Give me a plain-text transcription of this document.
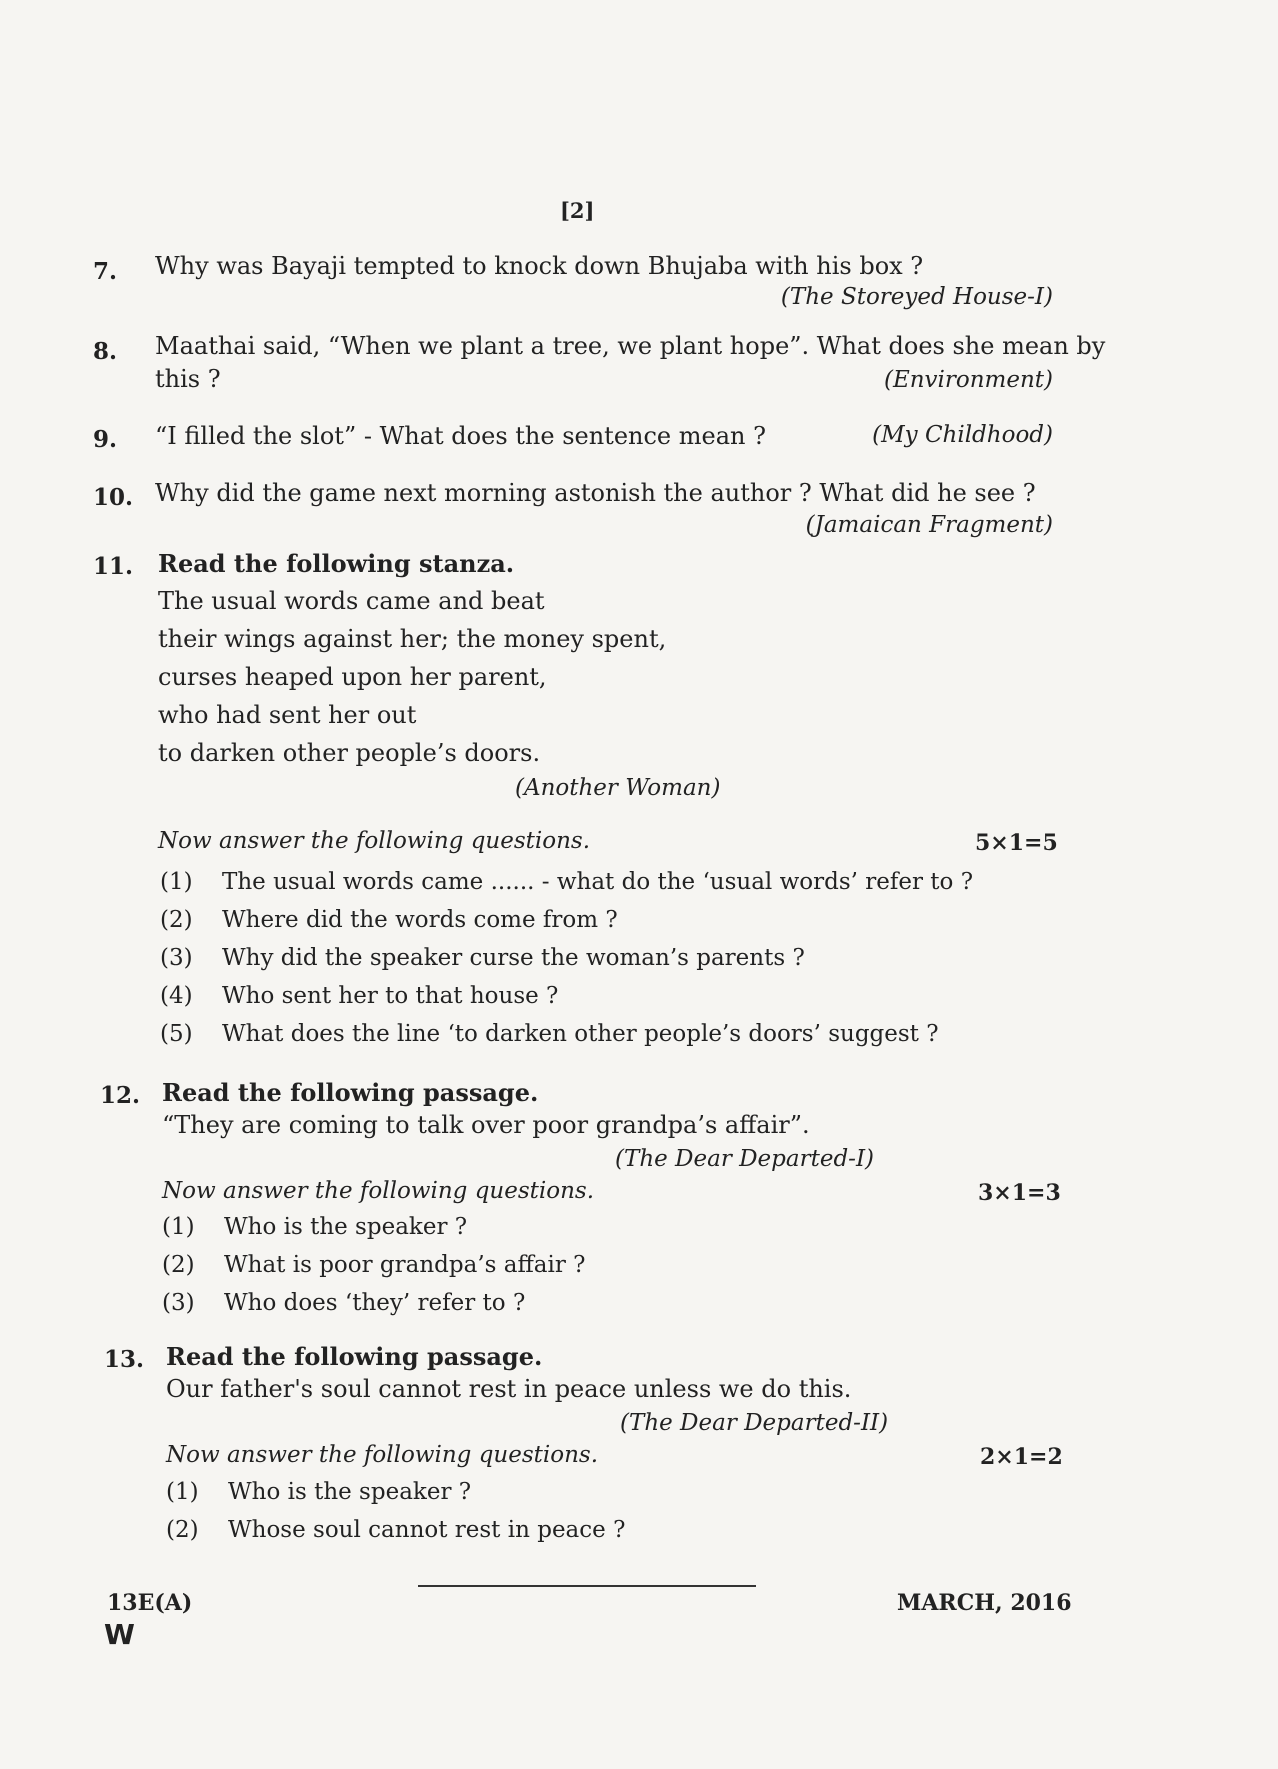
[2]
7. Why was Bayaji tempted to knock down Bhujaba with his box ?
(The Storeyed House-I)
8. Maathai said, “When we plant a tree, we plant hope”. What does she mean by
this ?	(Environment)
9. “I filled the slot” - What does the sentence mean ?	(My Childhood)
10. Why did the game next morning astonish the author ? What did he see ?
(Jamaican Fragment)
11. Read the following stanza.
The usual words came and beat
their wings against her; the money spent,
curses heaped upon her parent,
who had sent her out
to darken other people’s doors.
(Another Woman)
Now answer the following questions.	5×1=5
(1) The usual words came ...... - what do the ‘usual words’ refer to ?
(2) Where did the words come from ?
(3) Why did the speaker curse the woman’s parents ?
(4) Who sent her to that house ?
(5) What does the line ‘to darken other people’s doors’ suggest ?
12. Read the following passage.
“They are coming to talk over poor grandpa’s affair”.
(The Dear Departed-I)
Now answer the following questions.	3×1=3
(1) Who is the speaker ?
(2) What is poor grandpa’s affair ?
(3) Who does ‘they’ refer to ?
13. Read the following passage.
Our father's soul cannot rest in peace unless we do this.
(The Dear Departed-II)
Now answer the following questions.	2×1=2
(1) Who is the speaker ?
(2) Whose soul cannot rest in peace ?
13E(A)
W
MARCH, 2016
